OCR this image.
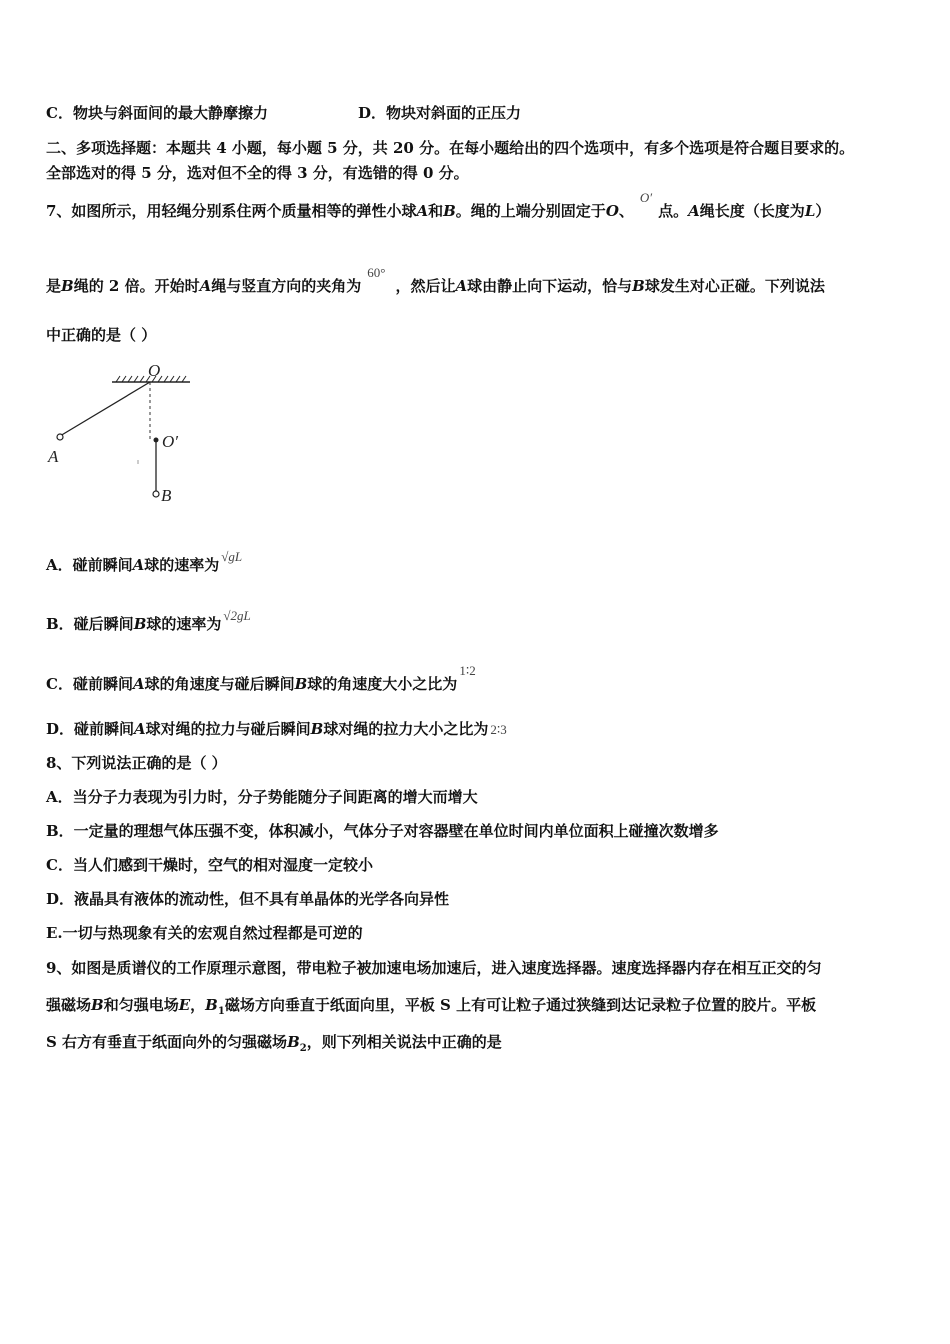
C．物块与斜面间的最大静摩擦力	D．物块对斜面的正压力
二、多项选择题：本题共 4 小题，每小题 5 分，共 20 分。在每小题给出的四个选项中，有多个选项是符合题目要求的。
全部选对的得 5 分，选对但不全的得 3 分，有选错的得 0 分。
7、如图所示，用轻绳分别系住两个质量相等的弹性小球A和B。绳的上端分别固定于O、O′点。A绳长度（长度为L）
是B绳的 2 倍。开始时A绳与竖直方向的夹角为60°，然后让A球由静止向下运动，恰与B球发生对心正碰。下列说法
中正确的是（ ）
O
O′
A
B
A．碰前瞬间A球的速率为 √gL
B．碰后瞬间B球的速率为 √2gL
C．碰前瞬间A球的角速度与碰后瞬间B球的角速度大小之比为1∶2
D．碰前瞬间A球对绳的拉力与碰后瞬间B球对绳的拉力大小之比为 2∶3
8、下列说法正确的是（ ）
A．当分子力表现为引力时，分子势能随分子间距离的增大而增大
B．一定量的理想气体压强不变，体积减小，气体分子对容器壁在单位时间内单位面积上碰撞次数增多
C．当人们感到干燥时，空气的相对湿度一定较小
D．液晶具有液体的流动性，但不具有单晶体的光学各向异性
E.一切与热现象有关的宏观自然过程都是可逆的
9、如图是质谱仪的工作原理示意图，带电粒子被加速电场加速后，进入速度选择器。速度选择器内存在相互正交的匀
强磁场B和匀强电场E，$B_1$磁场方向垂直于纸面向里，平板 S 上有可让粒子通过狭缝到达记录粒子位置的胶片。平板
S 右方有垂直于纸面向外的匀强磁场$B_2$，则下列相关说法中正确的是
